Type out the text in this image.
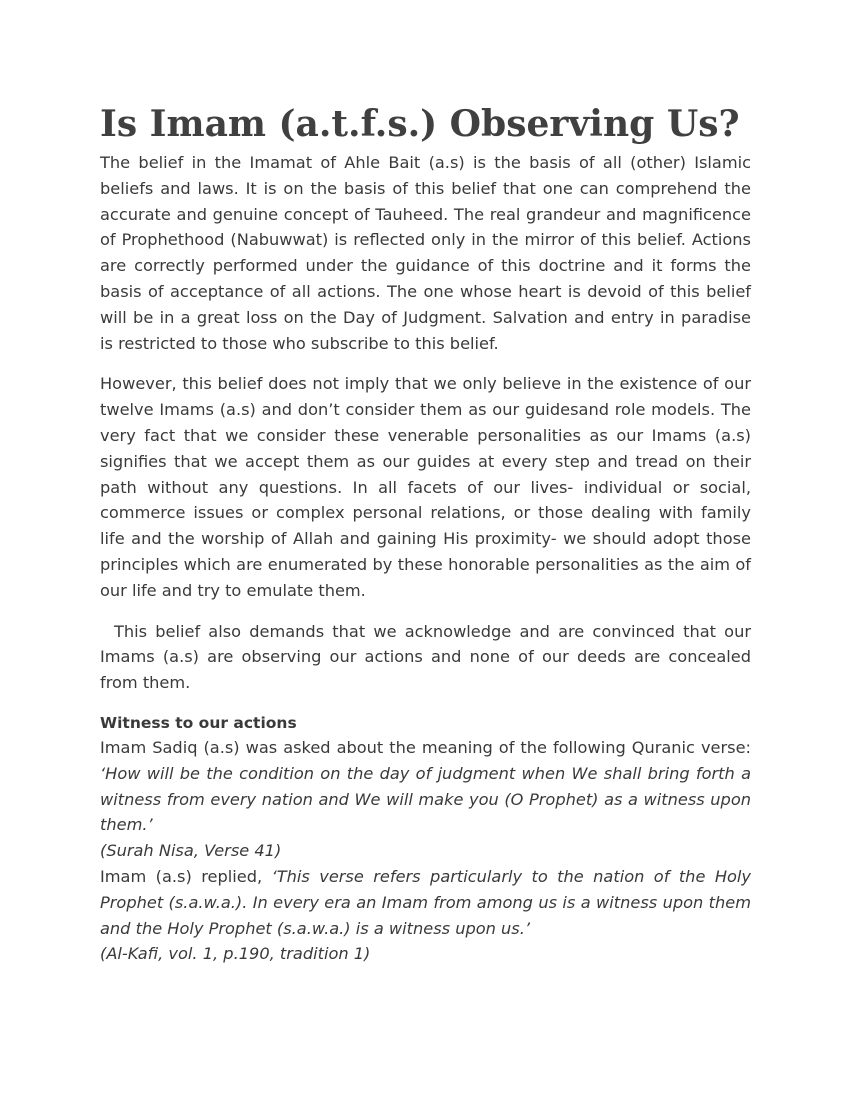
Is Imam (a.t.f.s.) Observing Us?

The belief in the Imamat of Ahle Bait (a.s) is the basis of all (other) Islamic beliefs and laws. It is on the basis of this belief that one can comprehend the accurate and genuine concept of Tauheed. The real grandeur and magnificence of Prophethood (Nabuwwat) is reflected only in the mirror of this belief. Actions are correctly performed under the guidance of this doctrine and it forms the basis of acceptance of all actions. The one whose heart is devoid of this belief will be in a great loss on the Day of Judgment. Salvation and entry in paradise is restricted to those who subscribe to this belief.

However, this belief does not imply that we only believe in the existence of our twelve Imams (a.s) and don’t consider them as our guidesand role models. The very fact that we consider these venerable personalities as our Imams (a.s) signifies that we accept them as our guides at every step and tread on their path without any questions. In all facets of our lives- individual or social, commerce issues or complex personal relations, or those dealing with family life and the worship of Allah and gaining His proximity- we should adopt those principles which are enumerated by these honorable personalities as the aim of our life and try to emulate them.

This belief also demands that we acknowledge and are convinced that our Imams (a.s) are observing our actions and none of our deeds are concealed from them.

Witness to our actions

Imam Sadiq (a.s) was asked about the meaning of the following Quranic verse: ‘How will be the condition on the day of judgment when We shall bring forth a witness from every nation and We will make you (O Prophet) as a witness upon them.’

(Surah Nisa, Verse 41)

Imam (a.s) replied, ‘This verse refers particularly to the nation of the Holy Prophet (s.a.w.a.). In every era an Imam from among us is a witness upon them and the Holy Prophet (s.a.w.a.) is a witness upon us.’

(Al-Kafi, vol. 1, p.190, tradition 1)
